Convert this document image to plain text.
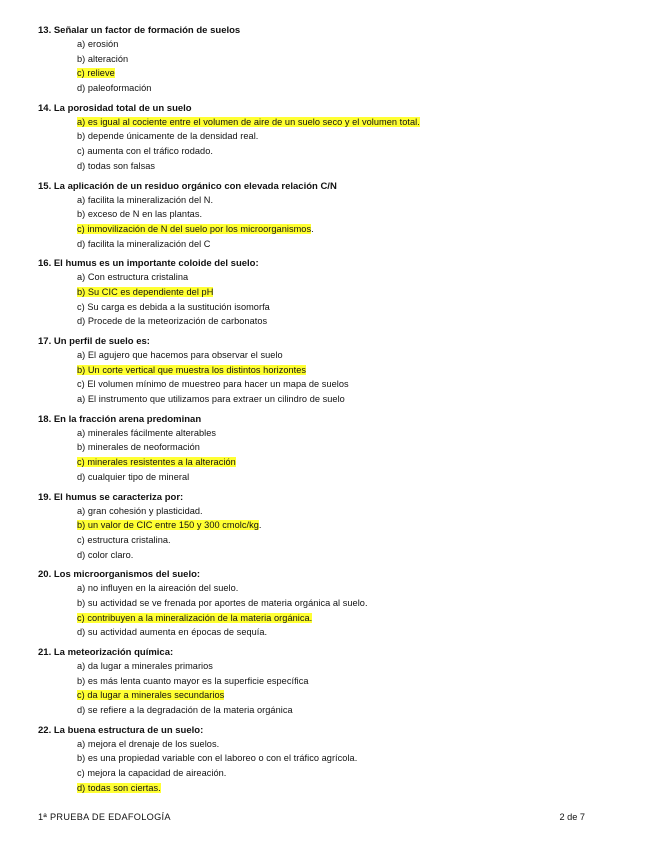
13. Señalar un factor de formación de suelos
a) erosión
b) alteración
c) relieve
d) paleoformación
14. La porosidad total de un suelo
a) es igual al cociente entre el volumen de aire de un suelo seco y el volumen total.
b) depende únicamente de la densidad real.
c) aumenta con el tráfico rodado.
d) todas son falsas
15. La aplicación de un residuo orgánico con elevada relación C/N
a) facilita la mineralización del N.
b) exceso de N en las plantas.
c) inmovilización de N del suelo por los microorganismos.
d) facilita la mineralización del C
16. El humus es un importante coloide del suelo:
a) Con estructura cristalina
b) Su CIC es dependiente del pH
c) Su carga es debida a la sustitución isomorfa
d) Procede de la meteorización de carbonatos
17. Un perfil de suelo es:
a) El agujero que hacemos para observar el suelo
b) Un corte vertical que muestra los distintos horizontes
c) El volumen mínimo de muestreo para hacer un mapa de suelos
a) El instrumento que utilizamos para extraer un cilindro de suelo
18. En la fracción arena predominan
a) minerales fácilmente alterables
b) minerales de neoformación
c) minerales resistentes a la alteración
d) cualquier tipo de mineral
19. El humus se caracteriza por:
a) gran cohesión y plasticidad.
b) un valor de CIC entre 150 y 300 cmolc/kg.
c) estructura cristalina.
d) color claro.
20. Los microorganismos del suelo:
a) no influyen en la aireación del suelo.
b) su actividad se ve frenada por aportes de materia orgánica al suelo.
c) contribuyen a la mineralización de la materia orgánica.
d) su actividad aumenta en épocas de sequía.
21. La meteorización química:
a) da lugar a minerales primarios
b) es más lenta cuanto mayor es la superficie específica
c) da lugar a minerales secundarios
d) se refiere a la degradación de la materia orgánica
22. La buena estructura de un suelo:
a) mejora el drenaje de los suelos.
b) es una propiedad variable con el laboreo o con el tráfico agrícola.
c) mejora la capacidad de aireación.
d) todas son ciertas.
1ª PRUEBA DE EDAFOLOGÍA	2 de 7
